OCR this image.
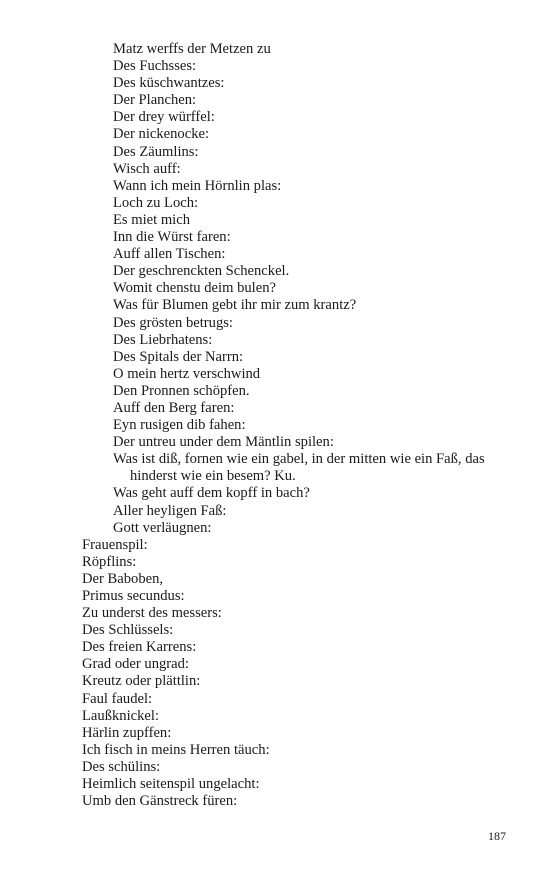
Matz werffs der Metzen zu
Des Fuchsses:
Des küschwantzes:
Der Planchen:
Der drey würffel:
Der nickenocke:
Des Zäumlins:
Wisch auff:
Wann ich mein Hörnlin plas:
Loch zu Loch:
Es miet mich
Inn die Würst faren:
Auff allen Tischen:
Der geschrenckten Schenckel.
Womit chenstu deim bulen?
Was für Blumen gebt ihr mir zum krantz?
Des grösten betrugs:
Des Liebrhatens:
Des Spitals der Narrn:
O mein hertz verschwind
Den Pronnen schöpfen.
Auff den Berg faren:
Eyn rusigen dib fahen:
Der untreu under dem Mäntlin spilen:
Was ist diß, fornen wie ein gabel, in der mitten wie ein Faß, das
hinderst wie ein besem? Ku.
Was geht auff dem kopff in bach?
Aller heyligen Faß:
Gott verläugnen:
Frauenspil:
Röpflins:
Der Baboben,
Primus secundus:
Zu underst des messers:
Des Schlüssels:
Des freien Karrens:
Grad oder ungrad:
Kreutz oder plättlin:
Faul faudel:
Laußknickel:
Härlin zupffen:
Ich fisch in meins Herren täuch:
Des schülins:
Heimlich seitenspil ungelacht:
Umb den Gänstreck füren:
187
